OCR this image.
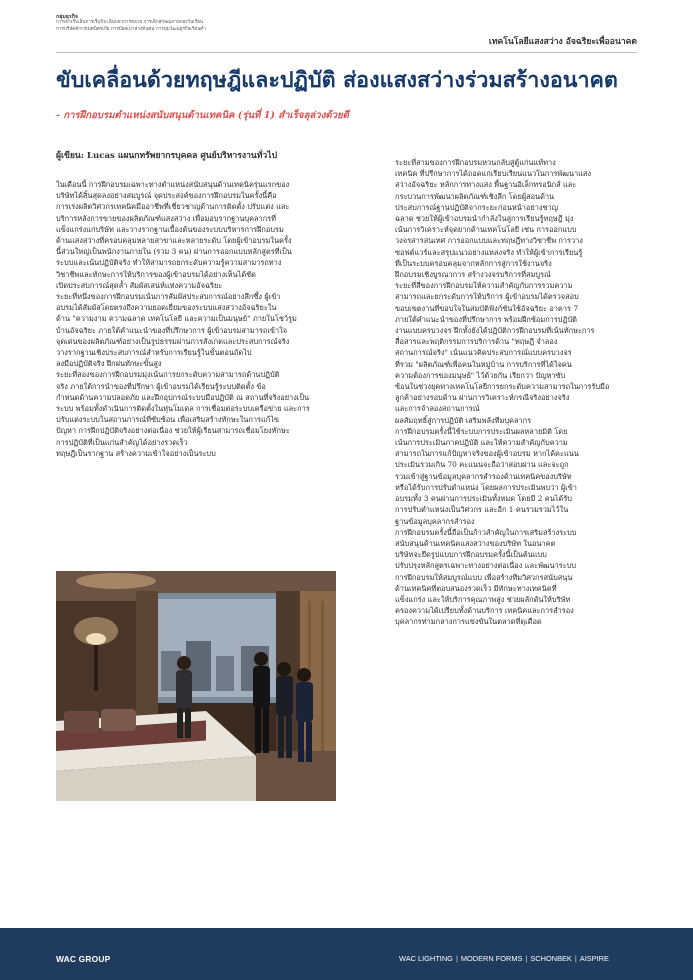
กลุ่มธุรกิจ
การเขาเร็บเล็นการเร็บกิจ เลินบลาการตลาย การเลิกลักษณภายกองวันเรียน
การบริหัดต์การเทคนิครเกีย การมีผลเบาห่างท้นคน การปุ่มวัฒนธุรกิจเรียนต่ำ
เทคโนโลยีแสงสว่าง อัจฉริยะเพื่ออนาคต
ขับเคลื่อนด้วยทฤษฎีและปฏิบัติ ส่องแสงสว่างร่วมสร้างอนาคต
- การฝึกอบรมตำแหน่งสนับสนุนด้านเทคนิค (รุ่นที่ 1) สำเร็จลุล่วงด้วยดี
ผู้เขียน: Lucas แผนกทรัพยากรบุคคล ศูนย์บริหารงานทั่วไป

ในเดือนนี้ การฝึกอบรมเฉพาะทางตำแหน่งสนับสนุนด้านเทคนิครุ่นแรกของ

บริษัทได้สิ้นสุดลงอย่างสมบูรณ์ จุดประสงค์ของการฝึกอบรมในครั้งนี้คือ

การเร่งผลิตวิศวกรเทคนิคมืออาชีพที่เชี่ยวชาญด้านการติดตั้ง ปรับแต่ง และ

บริการหลังการขายของผลิตภัณฑ์แสงสว่าง เพื่อมอบรากฐานบุคลากรที่

แข็งแกร่งแก่บริษัท และวางรากฐานเบื้องต้นของระบบบริหารการฝึกอบรม

ด้านแสงสว่างที่ครอบคลุมหลายสาขาและหลายระดับ โดยผู้เข้าอบรมในครั้ง

นี้ส่วนใหญ่เป็นพนักงานภายใน (รวม 3 คน) ผ่านการออกแบบหลักสูตรที่เป็น

ระบบและเน้นปฏิบัติจริง ทำให้สามารถยกระดับความรู้ความสามารถทาง

วิชาชีพและทักษะการให้บริการของผู้เข้าอบรมได้อย่างเห็นได้ชัด

เปิดประสบการณ์สุดล้ำ สัมผัสเสน่ห์แห่งความอัจฉริยะ

ระยะที่หนึ่งของการฝึกอบรมเน้นการสัมผัสประสบการณ์อย่างลึกซึ้ง ผู้เข้า

อบรมได้สัมผัสโดยตรงถึงความยอดเยี่ยมของระบบแสงสว่างอัจฉริยะใน

ด้าน "ความงาม ความฉลาด เทคโนโลยี และความเป็นมนุษย์" ภายในโชว์รูม

บ้านอัจฉริยะ ภายใต้คำแนะนำของที่ปรึกษาการ ผู้เข้าอบรมสามารถเข้าใจ

จุดเด่นของผลิตภัณฑ์อย่างเป็นรูปธรรมผ่านการสังเกตและประสบการณ์จริง

วางรากฐานเชิงประสบการณ์สำหรับการเรียนรู้ในขั้นตอนถัดไป

ลงมือปฏิบัติจริง ฝึกฝนทักษะขั้นสูง

ระยะที่สองของการฝึกอบรมมุ่งเน้นการยกระดับความสามารถด้านปฏิบัติ

จริง ภายใต้การนำของที่ปรึกษา ผู้เข้าอบรมได้เรียนรู้ระบบติดตั้ง ข้อ

กำหนดด้านความปลอดภัย และฝึกอุปกรณ์ระบบมือปฏิบัติ ณ สถานที่จริงอย่างเป็น

ระบบ พร้อมทั้งดำเนินการติดตั้งในหุ่นโมเดล การเชื่อมต่อระบบเครือข่าย และการ

ปรับแต่งระบบในสถานการณ์ที่ซับซ้อน เพื่อเสริมสร้างทักษะในการแก้ไข

ปัญหา การฝึกปฏิบัติจริงอย่างต่อเนื่อง ช่วยให้ผู้เรียนสามารถเชื่อมโยงทักษะ

การปฏิบัติที่เป็นแก่นสำคัญได้อย่างรวดเร็ว

ทฤษฎีเป็นรากฐาน สร้างความเข้าใจอย่างเป็นระบบ

ระยะที่สามของการฝึกอบรมหวนกลับสู่ตู้แก่นแท้ทาง

เทคนิค ที่ปรึกษาการได้ถอดแก่เรียบเรียนแนวในการพัฒนาแสง

สว่างอัจฉริยะ หลักการทางแสง พื้นฐานอิเล็กทรอนิกส์ และ

กระบวนการพัฒนาผลิตภัณฑ์เชิงลึก โดยผู้สอนด้าน

ประสบการณ์ฐานปฏิบัติจากระยะก่อนหน้าอย่างชาญ

ฉลาด ช่วยให้ผู้เข้าอบรมนำกำลังในลู่การเรียนรู้ทฤษฎี มุ่ง

เน้นการวิเคราะห์จุดยากด้านเทคโนโลยี เช่น การออกแบบ

วงจรสารสนเทศ การออกแบบและทฤษฎีทางวิชาชีพ การวาง

ซอฟต์แวร์และสรุปแนวอย่างแหล่งจริง ทำให้ผู้เข้าการเรียนรู้

ที่เป็นระบบครอบคลุมจากหลักการสู่การใช้งานจริง

ฝึกอบรมเชิงบูรณาการ สร้างวงจรบริการที่สมบูรณ์

ระยะที่สี่ของการฝึกอบรมให้ความสำคัญกับการรวมความ

สามารถและยกระดับการให้บริการ ผู้เข้าอบรมได้ตรวจสอบ

ขอบเขตงานที่ขอบใจในสมบัติฟังก์ชันใช้อัจฉริยะ อาคาร 7

ภายใต้คำแนะนำของที่ปรึกษาการ พร้อมฝึกซ้อมการปฏิบัติ

งานแบบครบวงจร ฝึกทั้งยังได้ปฏิบัติการฝึกอบรมที่เน้นทักษะการ

สื่อสารและพฤติกรรมการบริการด้าน "ทฤษฎี จำลอง

สถานการณ์จริง" เน้นแนวคิดประสบการณ์แบบครบวงจร

ที่รวม "ผลิตภัณฑ์เพื่อคนในหมู่บ้าน การบริการที่ได้ใจคน

ความต้องการของมนุษย์" ไว้ด้วยกัน เรียกว่า ปัญหาซับ

ซ้อนในช่วงยุคทางเทคโนโลยีการยกระดับความสามารถในการรับมือ

ลูกค้าอย่างรอบด้าน ผ่านการวิเคราะห์กรณีจริงอย่างจริง

และการจำลองสถานการณ์

ผลสัมฤทธิ์สู่การปฏิบัติ เสริมพลังทีมบุคลากร

การฝึกอบรมครั้งนี้ใช้ระบบการประเมินผลหลายมิติ โดย

เน้นการประเมินภาคปฏิบัติ และให้ความสำคัญกับความ

สามารถในการแก้ปัญหาจริงของผู้เข้าอบรม หากได้คะแนน

ประเมินรวมเกิน 70 คะแนนจะถือว่าสอบผ่าน และจะถูก

รวมเข้าสู่ฐานข้อมูลบุคลากรสำรองด้านเทคนิคของบริษัท

หรือได้รับการปรับตำแหน่ง โดยผลการประเมินพบว่า ผู้เข้า

อบรมทั้ง 3 คนผ่านการประเมินทั้งหมด โดยมี 2 คนได้รับ

การปรับตำแหน่งเป็นวิศวกร และอีก 1 คนรวมรวมไว้ใน

ฐานข้อมูลบุคลากรสำรอง

การฝึกอบรมครั้งนี้ถือเป็นก้าวสำคัญในการเสริมสร้างระบบ

สนับสนุนด้านเทคนิคแสงสว่างของบริษัท ในอนาคต

บริษัทจะยึดรูปแบบการฝึกอบรมครั้งนี้เป็นต้นแบบ

ปรับปรุงหลักสูตรเฉพาะทางอย่างต่อเนื่อง และพัฒนาระบบ

การฝึกอบรมให้สมบูรณ์แบบ เพื่อสร้างทีมวิศวกรสนับสนุน

ด้านเทคนิคที่ตอบสนองรวดเร็ว มีทักษะทางเทคนิคที่

แข็งแกร่ง และให้บริการคุณภาพสูง ช่วยผลักดันให้บริษัท

ครองความได้เปรียบทั้งด้านบริการ เทคนิคและการสำรอง

บุคลากรท่ามกลางการแข่งขันในตลาดที่ดุเดือด

WAC GROUP	WAC LIGHTING | MODERN FORMS | SCHONBEK | AISPIRE
